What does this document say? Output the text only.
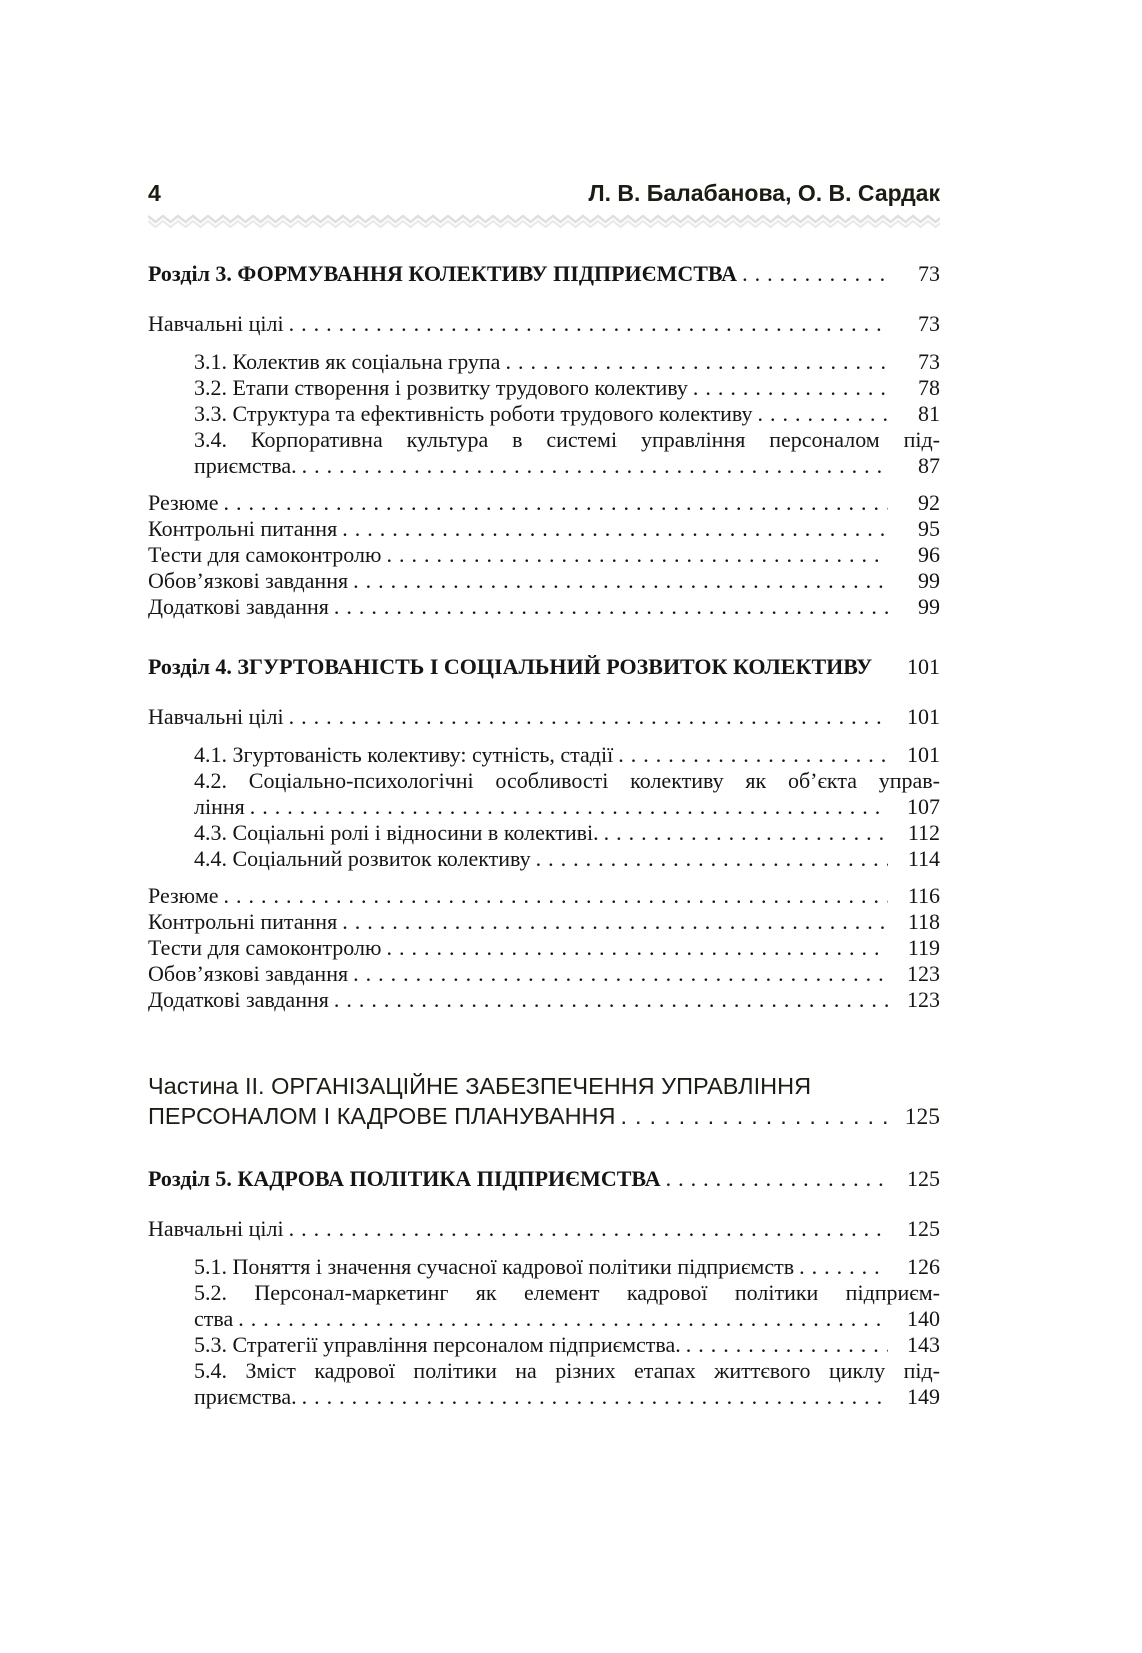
4	Л. В. Балабанова, О. В. Сардак
Розділ 3. ФОРМУВАННЯ КОЛЕКТИВУ ПІДПРИЄМСТВА .....	73
Навчальні цілі .....	73
3.1. Колектив як соціальна група .....	73
3.2. Етапи створення і розвитку трудового колективу .....	78
3.3. Структура та ефективність роботи трудового колективу .....	81
3.4. Корпоративна культура в системі управління персоналом під-
приємства. .....	87
Резюме .....	92
Контрольні питання .....	95
Тести для самоконтролю .....	96
Обов’язкові завдання .....	99
Додаткові завдання .....	99
Розділ 4. ЗГУРТОВАНІСТЬ І СОЦІАЛЬНИЙ РОЗВИТОК КОЛЕКТИВУ	101
Навчальні цілі .....	101
4.1. Згуртованість колективу: сутність, стадії .....	101
4.2. Соціально-психологічні особливості колективу як об’єкта управ-
ління .....	107
4.3. Соціальні ролі і відносини в колективі. .....	112
4.4. Соціальний розвиток колективу .....	114
Резюме .....	116
Контрольні питання .....	118
Тести для самоконтролю .....	119
Обов’язкові завдання .....	123
Додаткові завдання .....	123
Частина ІІ. ОРГАНІЗАЦІЙНЕ ЗАБЕЗПЕЧЕННЯ УПРАВЛІННЯ
ПЕРСОНАЛОМ І КАДРОВЕ ПЛАНУВАННЯ .....	125
Розділ 5. КАДРОВА ПОЛІТИКА ПІДПРИЄМСТВА .....	125
Навчальні цілі .....	125
5.1. Поняття і значення сучасної кадрової політики підприємств .....	126
5.2. Персонал-маркетинг як елемент кадрової політики підприєм-
ства .....	140
5.3. Стратегії управління персоналом підприємства. .....	143
5.4. Зміст кадрової політики на різних етапах життєвого циклу під-
приємства. .....	149
